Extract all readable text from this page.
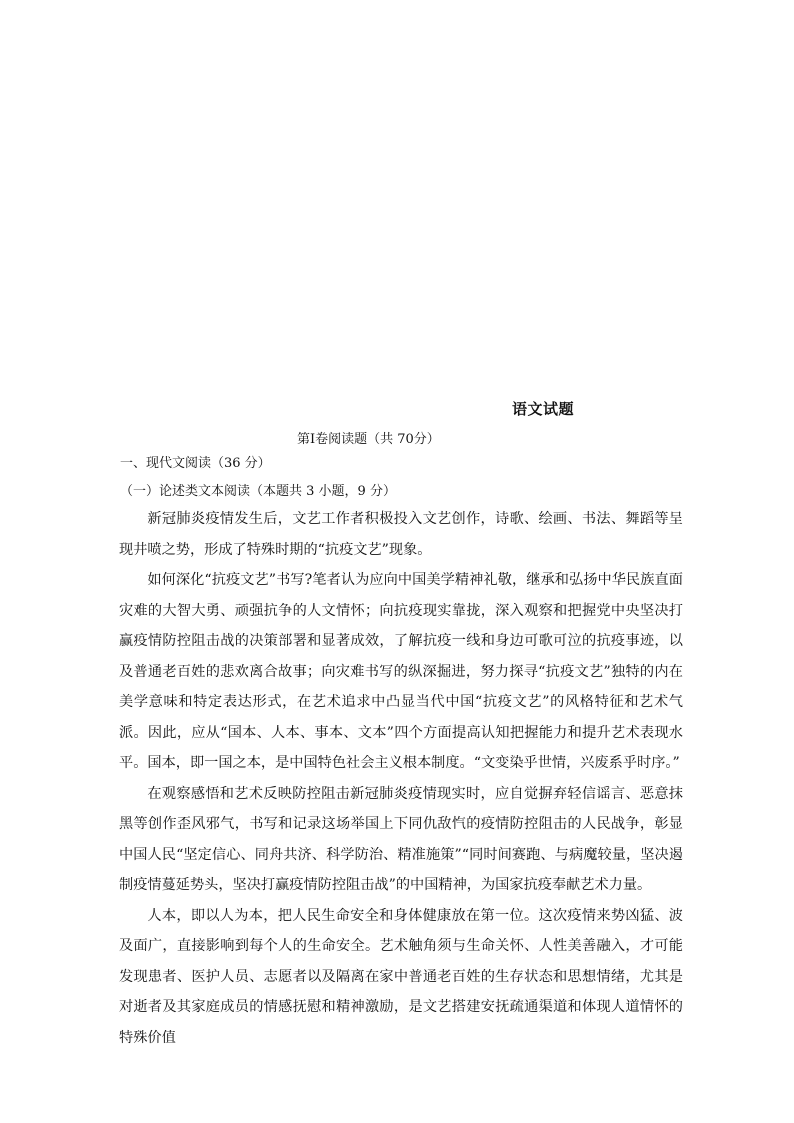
语文试题
第Ⅰ卷阅读题（共 70分）
一、现代文阅读（36 分）
（一）论述类文本阅读（本题共 3 小题，9 分）

新冠肺炎疫情发生后，文艺工作者积极投入文艺创作，诗歌、绘画、书法、舞蹈等呈现井喷之势，形成了特殊时期的“抗疫文艺”现象。

如何深化“抗疫文艺”书写?笔者认为应向中国美学精神礼敬，继承和弘扬中华民族直面灾难的大智大勇、顽强抗争的人文情怀；向抗疫现实靠拢，深入观察和把握党中央坚决打赢疫情防控阻击战的决策部署和显著成效，了解抗疫一线和身边可歌可泣的抗疫事迹，以及普通老百姓的悲欢离合故事；向灾难书写的纵深掘进，努力探寻“抗疫文艺”独特的内在美学意味和特定表达形式，在艺术追求中凸显当代中国“抗疫文艺”的风格特征和艺术气派。因此，应从“国本、人本、事本、文本”四个方面提高认知把握能力和提升艺术表现水平。国本，即一国之本，是中国特色社会主义根本制度。“文变染乎世情，兴废系乎时序。”

在观察感悟和艺术反映防控阻击新冠肺炎疫情现实时，应自觉摒弃轻信谣言、恶意抹黑等创作歪风邪气，书写和记录这场举国上下同仇敌忾的疫情防控阻击的人民战争，彰显中国人民“坚定信心、同舟共济、科学防治、精准施策”“同时间赛跑、与病魔较量，坚决遏制疫情蔓延势头，坚决打赢疫情防控阻击战”的中国精神，为国家抗疫奉献艺术力量。

人本，即以人为本，把人民生命安全和身体健康放在第一位。这次疫情来势凶猛、波及面广，直接影响到每个人的生命安全。艺术触角须与生命关怀、人性美善融入，才可能发现患者、医护人员、志愿者以及隔离在家中普通老百姓的生存状态和思想情绪，尤其是对逝者及其家庭成员的情感抚慰和精神激励，是文艺搭建安抚疏通渠道和体现人道情怀的特殊价值
